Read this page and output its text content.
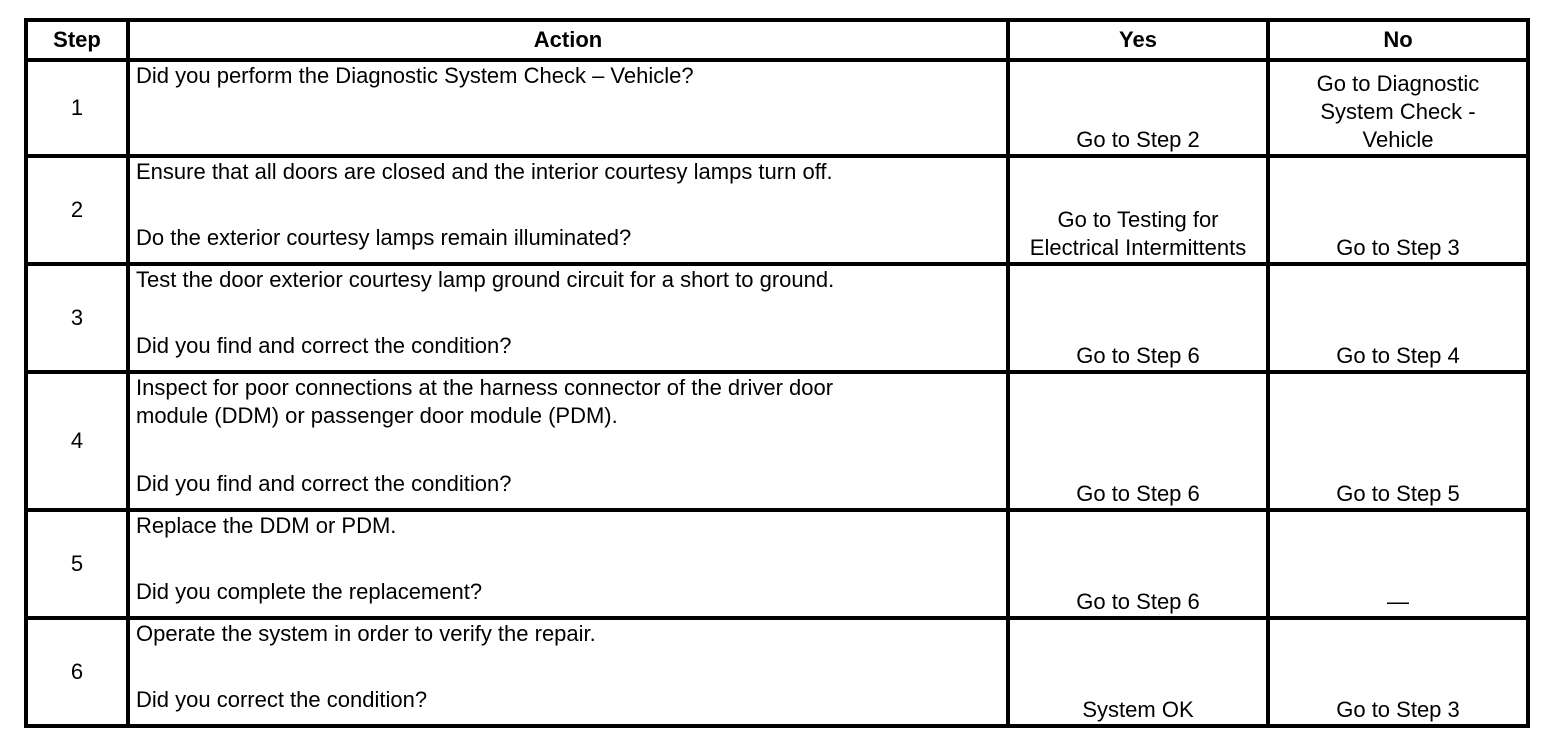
Step	Action	Yes	No
1	Did you perform the Diagnostic System Check – Vehicle?	Go to Step 2	Go to Diagnostic
System Check -
Vehicle

2	Ensure that all doors are closed and the interior courtesy lamps turn off.
Do the exterior courtesy lamps remain illuminated?	Go to Testing for
Electrical Intermittents	Go to Step 3

3	Test the door exterior courtesy lamp ground circuit for a short to ground.
Did you find and correct the condition?	Go to Step 6	Go to Step 4

4	Inspect for poor connections at the harness connector of the driver door
module (DDM) or passenger door module (PDM).
Did you find and correct the condition?	Go to Step 6	Go to Step 5

5	Replace the DDM or PDM.
Did you complete the replacement?	Go to Step 6	—

6	Operate the system in order to verify the repair.
Did you correct the condition?	System OK	Go to Step 3
